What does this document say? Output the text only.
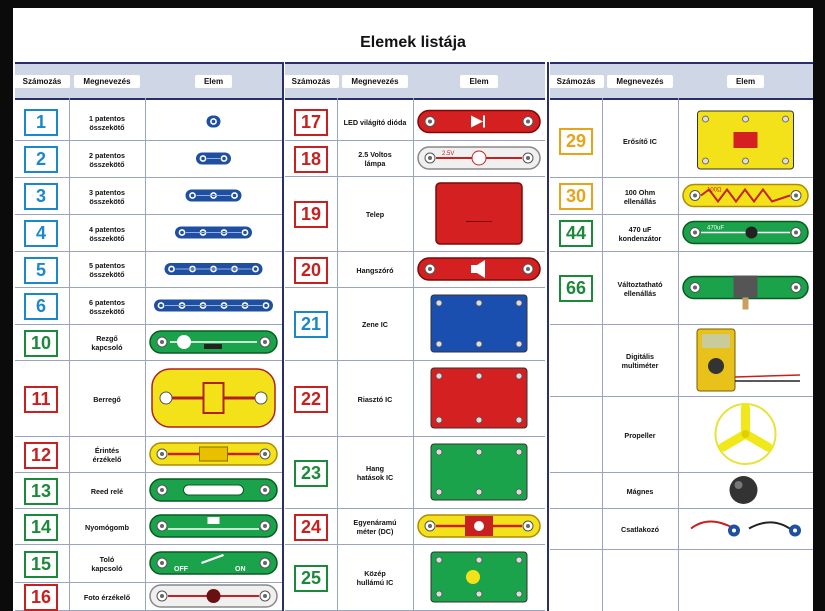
Elemek listája
Számozás	Megnevezés	Elem	Számozás	Megnevezés	Elem	Számozás	Megnevezés	Elem
1	1 patentos
összekötő
2	2 patentos
összekötő
3	3 patentos
összekötő
4	4 patentos
összekötő
5	5 patentos
összekötő
6	6 patentos
összekötő
10	Rezgő
kapcsoló
11	Berregő
12	Érintés
érzékelő
13	Reed relé
14	Nyomógomb
15	Toló
kapcsoló	OFF	ON
16	Foto érzékelő
17	LED világító dióda
18	2.5 Voltos
lámpa
2.5V
19	Telep
20	Hangszóró
21	Zene IC
22	Riasztó IC
23	Hang
hatások IC
24	Egyenáramú
méter (DC)
25	Közép
hullámú IC
29	Erősítő IC
30	100 Ohm
ellenállás
100Ω
44	470 uF
kondenzátor
470uF
66	Változtatható
ellenállás
Digitális
multiméter
Propeller
Mágnes
Csatlakozó
